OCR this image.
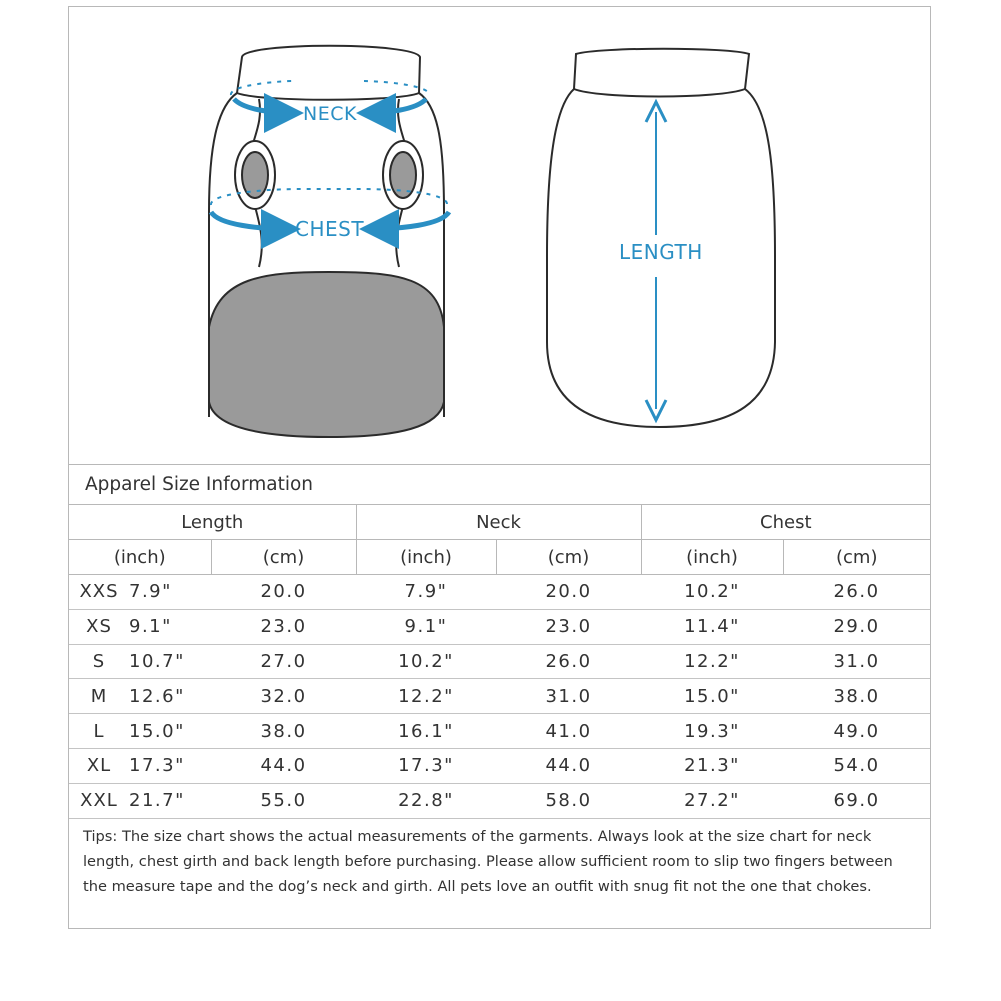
NECK
CHEST
LENGTH
Apparel Size Information
Length		Neck		Chest	
(inch)	(cm)	(inch)	(cm)	(inch)	(cm)
XXS 7.9"	20.0	7.9"	20.0	10.2"	26.0
XS 9.1"	23.0	9.1"	23.0	11.4"	29.0
S 10.7"	27.0	10.2"	26.0	12.2"	31.0
M 12.6"	32.0	12.2"	31.0	15.0"	38.0
L 15.0"	38.0	16.1"	41.0	19.3"	49.0
XL 17.3"	44.0	17.3"	44.0	21.3"	54.0
XXL 21.7"	55.0	22.8"	58.0	27.2"	69.0
Tips: The size chart shows the actual measurements of the garments. Always look at the size chart for neck length, chest girth and back length before purchasing. Please allow sufficient room to slip two fingers between the measure tape and the dog’s neck and girth. All pets love an outfit with snug fit not the one that chokes.
